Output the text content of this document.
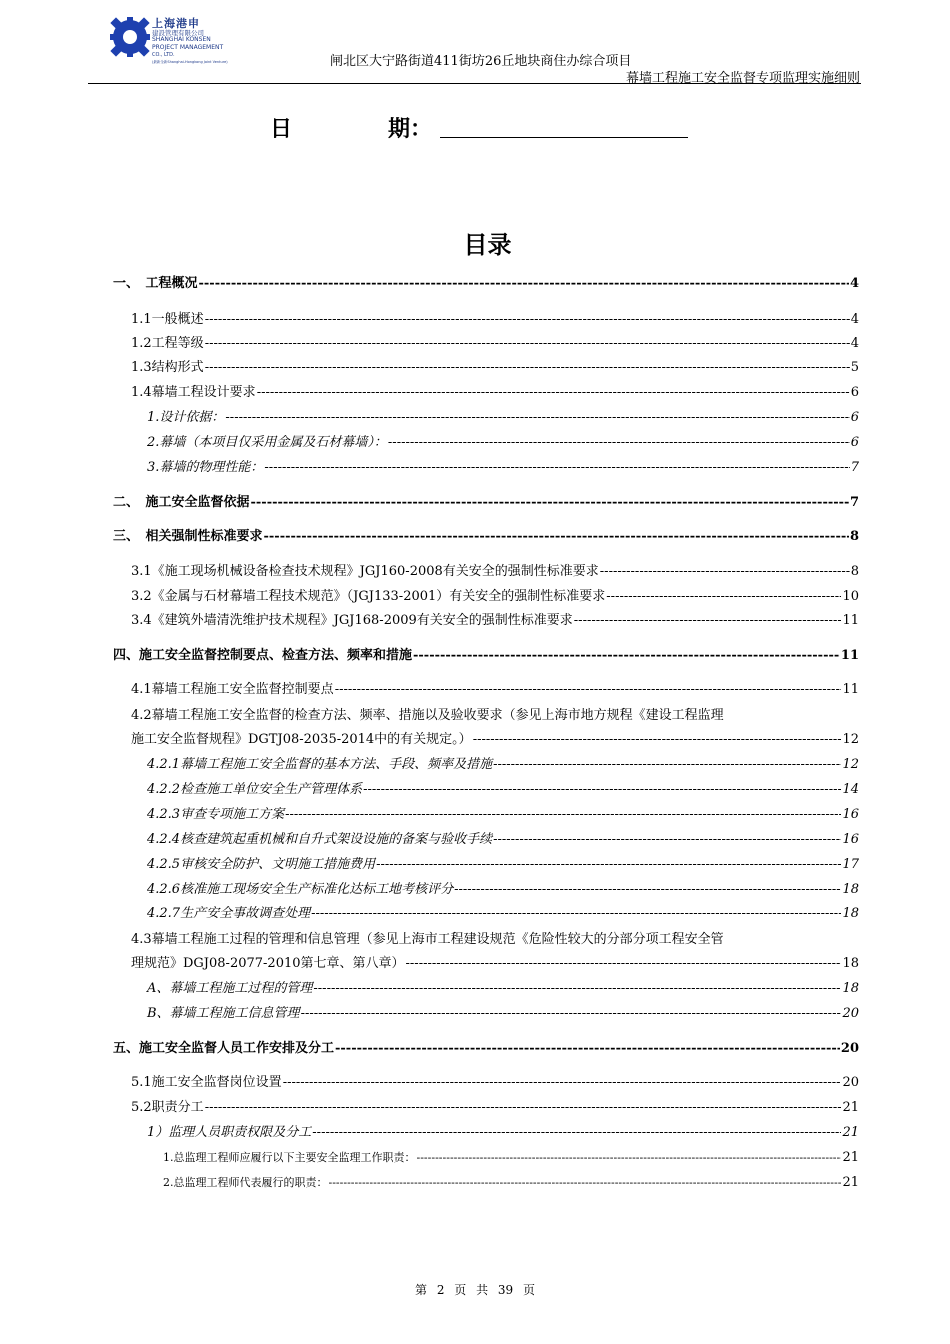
上海港申
建設管理有限公司
SHANGHAI KONSEN
PROJECT MANAGEMENT
CO., LTD.
(最新全新Shanghai-Hongkong Joint Venture)	闸北区大宁路街道411街坊26丘地块商住办综合项目
幕墙工程施工安全监督专项监理实施细则
日	期：
目录
一、　工程概况 -----	4
1.1一般概述 -----	4
1.2工程等级 -----	4
1.3结构形式 -----	5
1.4幕墙工程设计要求 -----	6
1.设计依据： -----	6
2.幕墙（本项目仅采用金属及石材幕墙）： -----	6
3.幕墙的物理性能： -----	7
二、　施工安全监督依据 -----	7
三、　相关强制性标准要求 -----	8
3.1《施工现场机械设备检查技术规程》JGJ160-2008有关安全的强制性标准要求 -----	8
3.2《金属与石材幕墙工程技术规范》（JGJ133-2001）有关安全的强制性标准要求 -----	10
3.4《建筑外墙清洗维护技术规程》JGJ168-2009有关安全的强制性标准要求 -----	11
四、施工安全监督控制要点、检查方法、频率和措施 -----	11
4.1幕墙工程施工安全监督控制要点 -----	11
4.2幕墙工程施工安全监督的检查方法、频率、措施以及验收要求（参见上海市地方规程《建设工程监理
施工安全监督规程》DGTJ08-2035-2014中的有关规定。） -----	12
4.2.1幕墙工程施工安全监督的基本方法、手段、频率及措施 -----	12
4.2.2检查施工单位安全生产管理体系 -----	14
4.2.3审查专项施工方案 -----	16
4.2.4核查建筑起重机械和自升式架设设施的备案与验收手续 -----	16
4.2.5审核安全防护、文明施工措施费用 -----	17
4.2.6核准施工现场安全生产标准化达标工地考核评分 -----	18
4.2.7生产安全事故调查处理 -----	18
4.3幕墙工程施工过程的管理和信息管理（参见上海市工程建设规范《危险性较大的分部分项工程安全管
理规范》DGJ08-2077-2010第七章、第八章） -----	18
A、幕墙工程施工过程的管理 -----	18
B、幕墙工程施工信息管理 -----	20
五、施工安全监督人员工作安排及分工 -----	20
5.1施工安全监督岗位设置 -----	20
5.2职责分工 -----	21
1）监理人员职责权限及分工 -----	21
1.总监理工程师应履行以下主要安全监理工作职责： -----	21
2.总监理工程师代表履行的职责： -----	21
第 2 页 共 39 页
